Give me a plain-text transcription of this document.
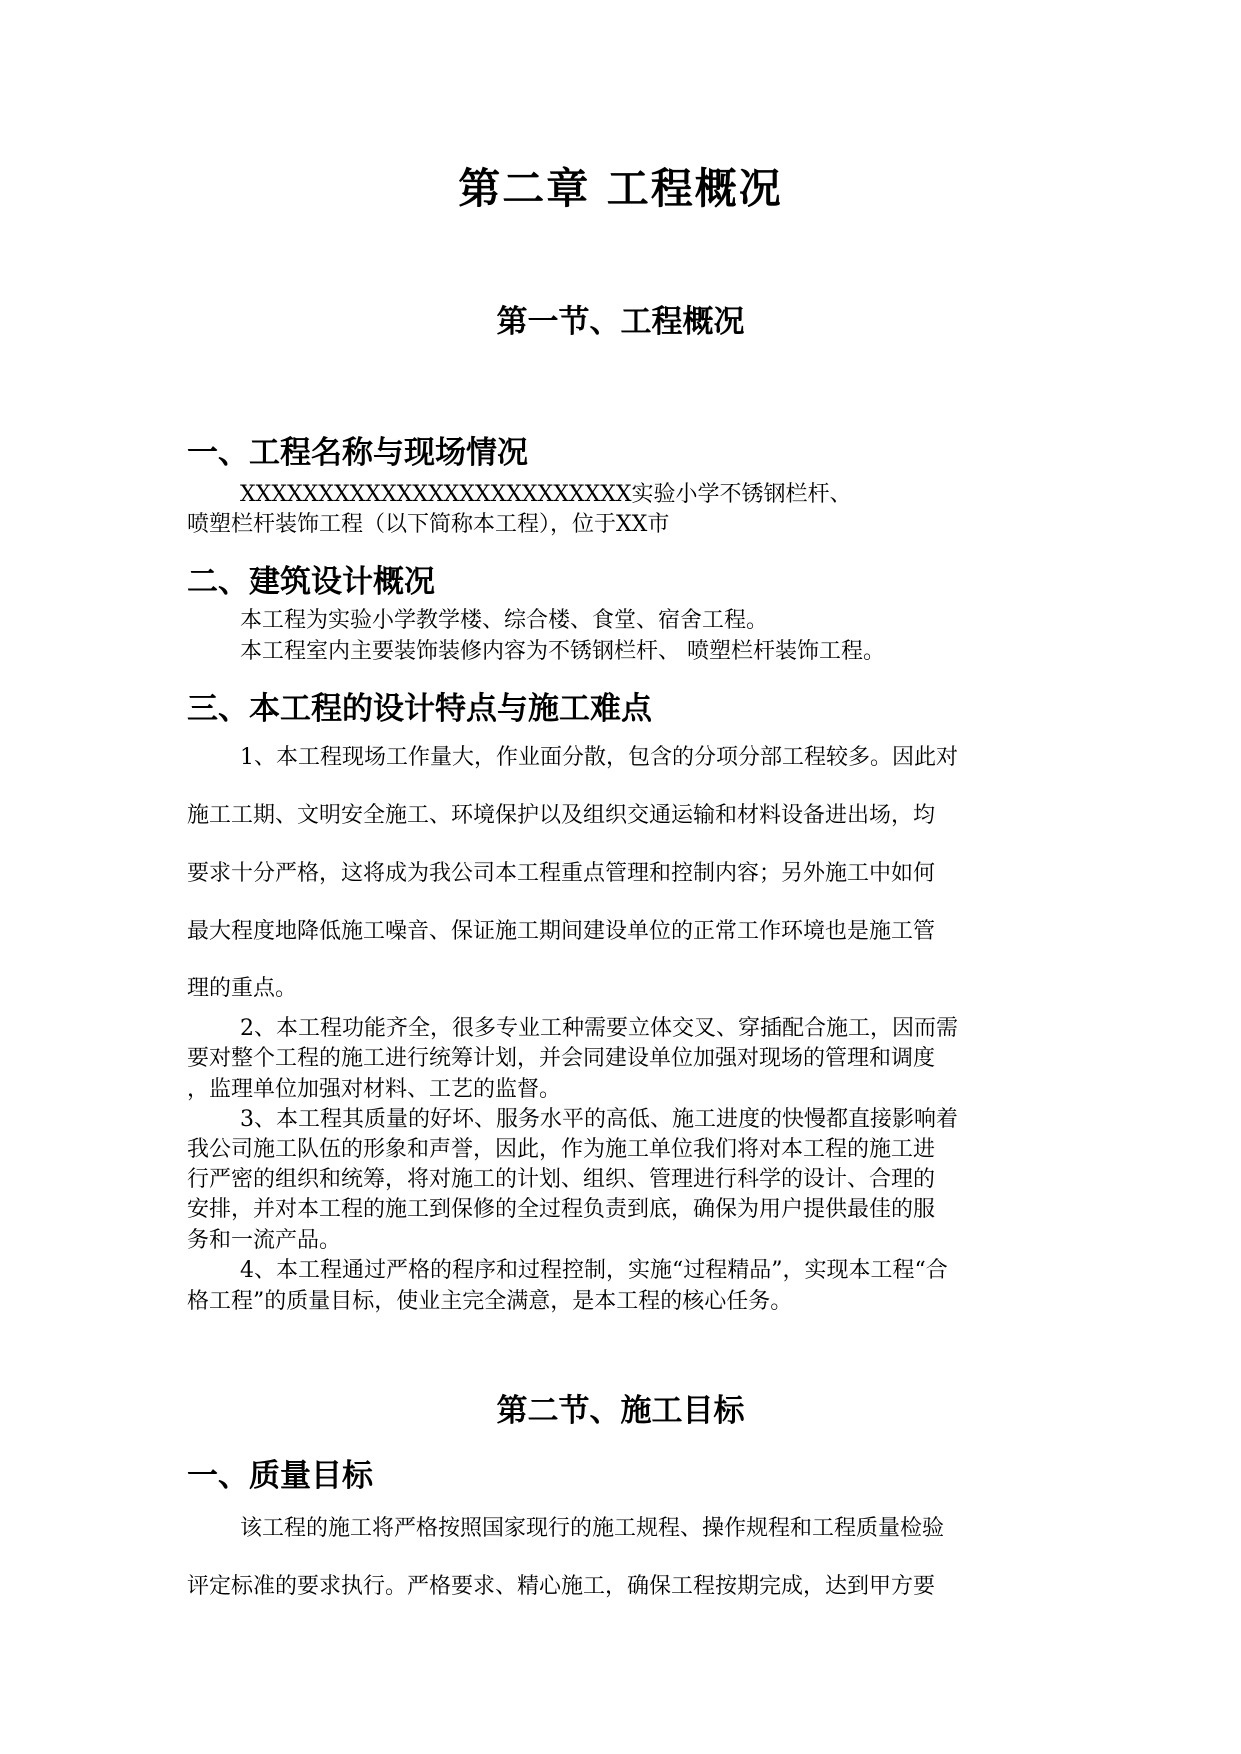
第二章 工程概况
第一节、工程概况
一、工程名称与现场情况
XXXXXXXXXXXXXXXXXXXXXXXXX实验小学不锈钢栏杆、
喷塑栏杆装饰工程（以下简称本工程），位于XX市
二、建筑设计概况
本工程为实验小学教学楼、综合楼、食堂、宿舍工程。
本工程室内主要装饰装修内容为不锈钢栏杆、 喷塑栏杆装饰工程。
三、本工程的设计特点与施工难点
1、本工程现场工作量大，作业面分散，包含的分项分部工程较多。因此对
施工工期、文明安全施工、环境保护以及组织交通运输和材料设备进出场，均
要求十分严格，这将成为我公司本工程重点管理和控制内容；另外施工中如何
最大程度地降低施工噪音、保证施工期间建设单位的正常工作环境也是施工管
理的重点。
2、本工程功能齐全，很多专业工种需要立体交叉、穿插配合施工，因而需
要对整个工程的施工进行统筹计划，并会同建设单位加强对现场的管理和调度
，监理单位加强对材料、工艺的监督。
3、本工程其质量的好坏、服务水平的高低、施工进度的快慢都直接影响着
我公司施工队伍的形象和声誉，因此，作为施工单位我们将对本工程的施工进
行严密的组织和统筹，将对施工的计划、组织、管理进行科学的设计、合理的
安排，并对本工程的施工到保修的全过程负责到底，确保为用户提供最佳的服
务和一流产品。
4、本工程通过严格的程序和过程控制，实施“过程精品”，实现本工程“合
格工程”的质量目标，使业主完全满意，是本工程的核心任务。
第二节、施工目标
一、质量目标
该工程的施工将严格按照国家现行的施工规程、操作规程和工程质量检验
评定标准的要求执行。严格要求、精心施工，确保工程按期完成，达到甲方要
